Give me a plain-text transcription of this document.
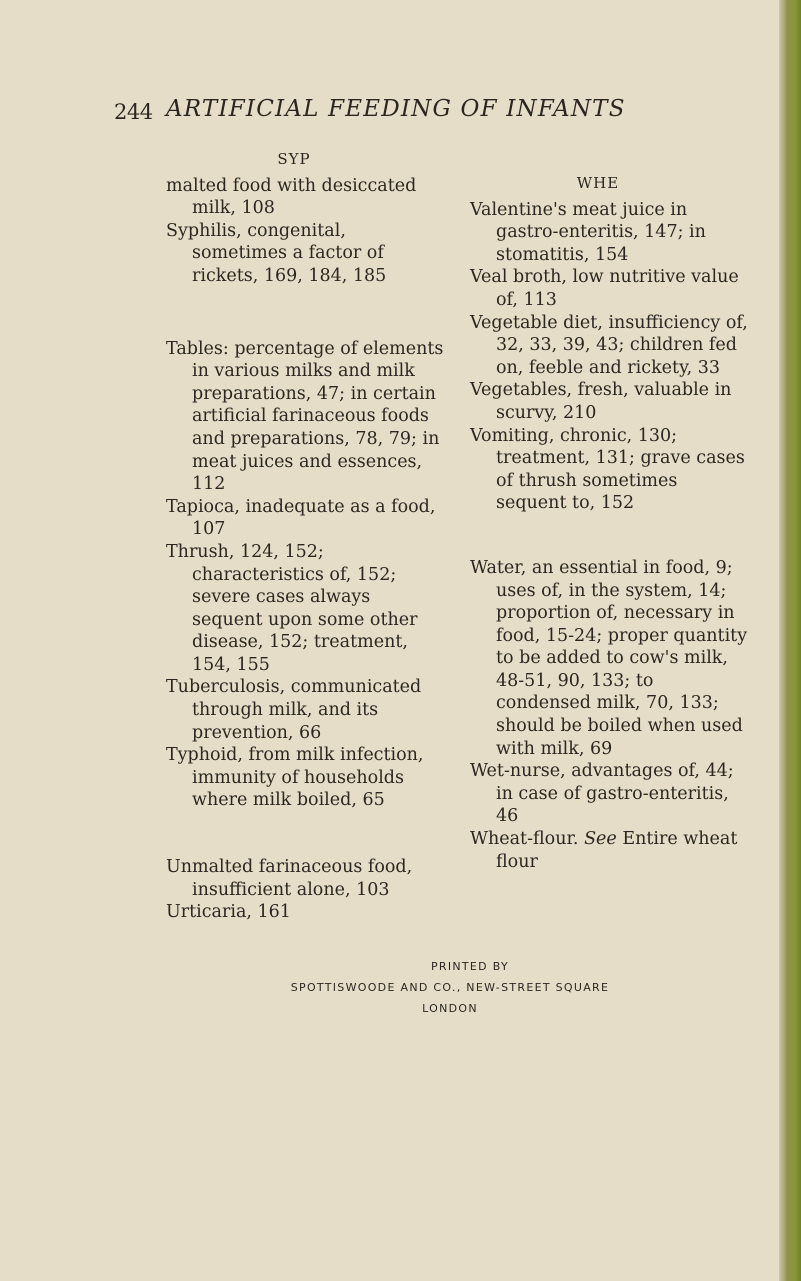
244 ARTIFICIAL FEEDING OF INFANTS
SYP
malted food with desiccated milk, 108
Syphilis, congenital, sometimes a factor of rickets, 169, 184, 185
Tables: percentage of elements in various milks and milk preparations, 47; in certain artificial farinaceous foods and preparations, 78, 79; in meat juices and essences, 112
Tapioca, inadequate as a food, 107
Thrush, 124, 152; characteristics of, 152; severe cases always sequent upon some other disease, 152; treatment, 154, 155
Tuberculosis, communicated through milk, and its prevention, 66
Typhoid, from milk infection, immunity of households where milk boiled, 65
Unmalted farinaceous food, insufficient alone, 103
Urticaria, 161
WHE
Valentine's meat juice in gastro-enteritis, 147; in stomatitis, 154
Veal broth, low nutritive value of, 113
Vegetable diet, insufficiency of, 32, 33, 39, 43; children fed on, feeble and rickety, 33
Vegetables, fresh, valuable in scurvy, 210
Vomiting, chronic, 130; treatment, 131; grave cases of thrush sometimes sequent to, 152
Water, an essential in food, 9; uses of, in the system, 14; proportion of, necessary in food, 15-24; proper quantity to be added to cow's milk, 48-51, 90, 133; to condensed milk, 70, 133; should be boiled when used with milk, 69
Wet-nurse, advantages of, 44; in case of gastro-enteritis, 46
Wheat-flour. See Entire wheat flour
PRINTED BY
SPOTTISWOODE AND CO., NEW-STREET SQUARE
LONDON
